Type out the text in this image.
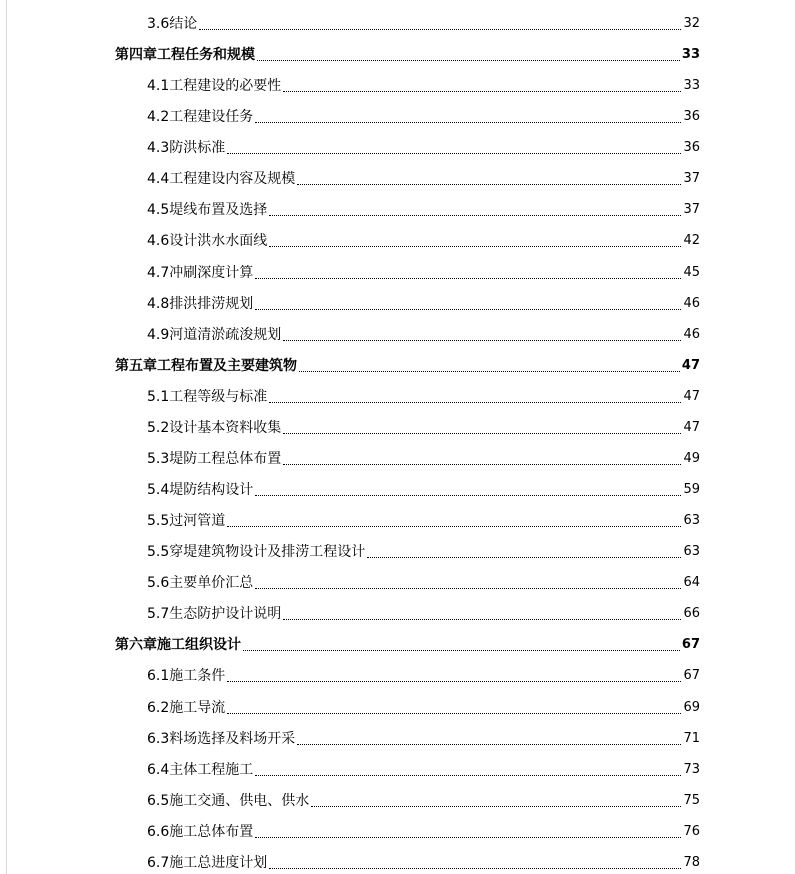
3.6结论	32
第四章工程任务和规模	33
4.1工程建设的必要性	33
4.2工程建设任务	36
4.3防洪标准	36
4.4工程建设内容及规模	37
4.5堤线布置及选择	37
4.6设计洪水水面线	42
4.7冲刷深度计算	45
4.8排洪排涝规划	46
4.9河道清淤疏浚规划	46
第五章工程布置及主要建筑物	47
5.1工程等级与标准	47
5.2设计基本资料收集	47
5.3堤防工程总体布置	49
5.4堤防结构设计	59
5.5过河管道	63
5.5穿堤建筑物设计及排涝工程设计	63
5.6主要单价汇总	64
5.7生态防护设计说明	66
第六章施工组织设计	67
6.1施工条件	67
6.2施工导流	69
6.3料场选择及料场开采	71
6.4主体工程施工	73
6.5施工交通、供电、供水	75
6.6施工总体布置	76
6.7施工总进度计划	78
